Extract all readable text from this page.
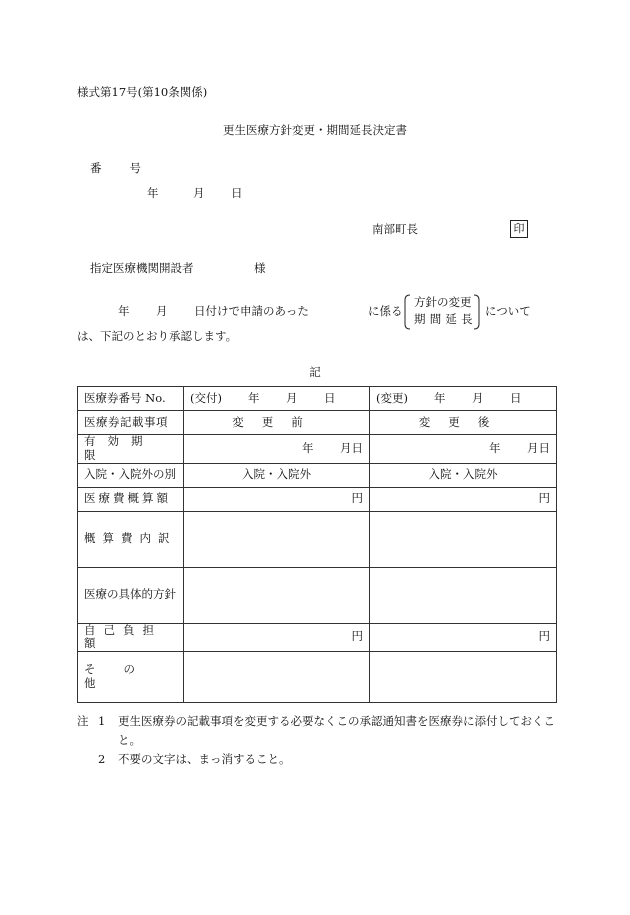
様式第17号(第10条関係)
更生医療方針変更・期間延長決定書
番号
年	月 日
南部町長	印
指定医療機関開設者	様
年 月 日付けで申請のあった	に係る
方針の変更
期間延長
について
は、下記のとおり承認します。
記
医療券番号 No.	(交付) 年 月 日	(変更) 年 月 日
医療券記載事項	変更前	変更後
有効期限	年 月日	年 月日
入院・入院外の別	入院・入院外	入院・入院外
医療費概算額	円	円
概算費内訳		
医療の具体的方針		
自己負担額	円	円
その他		
注 1	更生医療券の記載事項を変更する必要なくこの承認通知書を医療券に添付しておくこと。
2	不要の文字は、まっ消すること。
